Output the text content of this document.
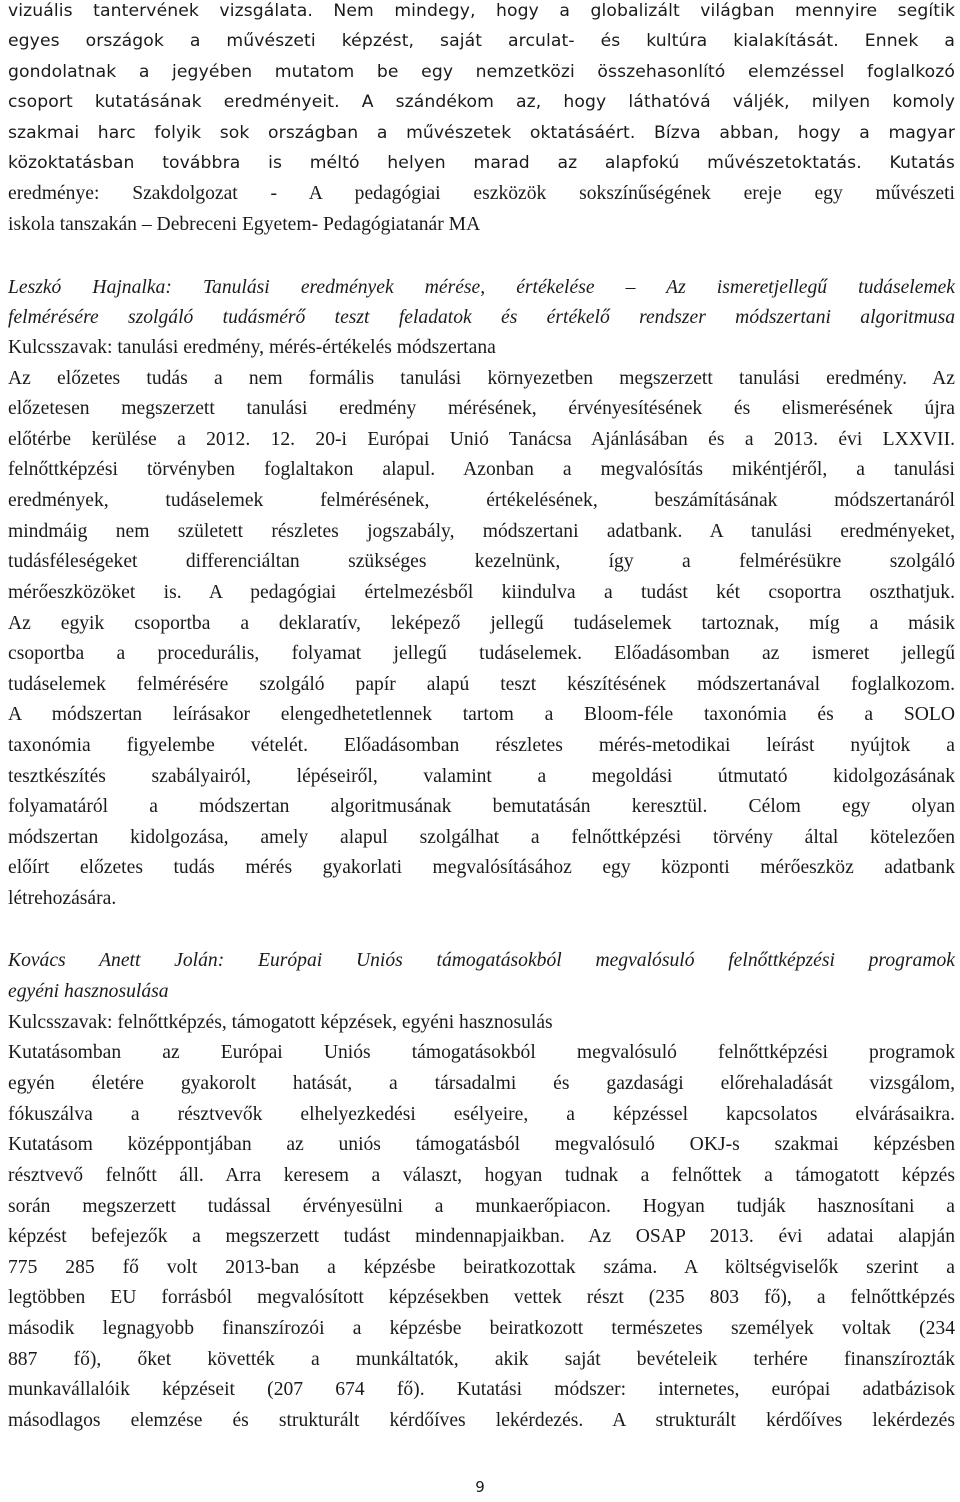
vizuális tantervének vizsgálata. Nem mindegy, hogy a globalizált világban mennyire segítik
egyes országok a művészeti képzést, saját arculat- és kultúra kialakítását. Ennek a
gondolatnak a jegyében mutatom be egy nemzetközi összehasonlító elemzéssel foglalkozó
csoport kutatásának eredményeit. A szándékom az, hogy láthatóvá váljék, milyen komoly
szakmai harc folyik sok országban a művészetek oktatásáért. Bízva abban, hogy a magyar
közoktatásban továbbra is méltó helyen marad az alapfokú művészetoktatás. Kutatás
eredménye: Szakdolgozat - A pedagógiai eszközök sokszínűségének ereje egy művészeti
iskola tanszakán – Debreceni Egyetem- Pedagógiatanár MA
Leszkó Hajnalka: Tanulási eredmények mérése, értékelése – Az ismeretjellegű tudáselemek
felmérésére szolgáló tudásmérő teszt feladatok és értékelő rendszer módszertani algoritmusa
Kulcsszavak: tanulási eredmény, mérés-értékelés módszertana
Az előzetes tudás a nem formális tanulási környezetben megszerzett tanulási eredmény. Az
előzetesen megszerzett tanulási eredmény mérésének, érvényesítésének és elismerésének újra
előtérbe kerülése a 2012. 12. 20-i Európai Unió Tanácsa Ajánlásában és a 2013. évi LXXVII.
felnőttképzési törvényben foglaltakon alapul. Azonban a megvalósítás mikéntjéről, a tanulási
eredmények, tudáselemek felmérésének, értékelésének, beszámításának módszertanáról
mindmáig nem született részletes jogszabály, módszertani adatbank. A tanulási eredményeket,
tudásféleségeket differenciáltan szükséges kezelnünk, így a felmérésükre szolgáló
mérőeszközöket is. A pedagógiai értelmezésből kiindulva a tudást két csoportra oszthatjuk.
Az egyik csoportba a deklaratív, leképező jellegű tudáselemek tartoznak, míg a másik
csoportba a procedurális, folyamat jellegű tudáselemek. Előadásomban az ismeret jellegű
tudáselemek felmérésére szolgáló papír alapú teszt készítésének módszertanával foglalkozom.
A módszertan leírásakor elengedhetetlennek tartom a Bloom-féle taxonómia és a SOLO
taxonómia figyelembe vételét. Előadásomban részletes mérés-metodikai leírást nyújtok a
tesztkészítés szabályairól, lépéseiről, valamint a megoldási útmutató kidolgozásának
folyamatáról a módszertan algoritmusának bemutatásán keresztül. Célom egy olyan
módszertan kidolgozása, amely alapul szolgálhat a felnőttképzési törvény által kötelezően
előírt előzetes tudás mérés gyakorlati megvalósításához egy központi mérőeszköz adatbank
létrehozására.
Kovács Anett Jolán: Európai Uniós támogatásokból megvalósuló felnőttképzési programok
egyéni hasznosulása
Kulcsszavak: felnőttképzés, támogatott képzések, egyéni hasznosulás
Kutatásomban az Európai Uniós támogatásokból megvalósuló felnőttképzési programok
egyén életére gyakorolt hatását, a társadalmi és gazdasági előrehaladását vizsgálom,
fókuszálva a résztvevők elhelyezkedési esélyeire, a képzéssel kapcsolatos elvárásaikra.
Kutatásom középpontjában az uniós támogatásból megvalósuló OKJ-s szakmai képzésben
résztvevő felnőtt áll. Arra keresem a választ, hogyan tudnak a felnőttek a támogatott képzés
során megszerzett tudással érvényesülni a munkaerőpiacon. Hogyan tudják hasznosítani a
képzést befejezők a megszerzett tudást mindennapjaikban. Az OSAP 2013. évi adatai alapján
775 285 fő volt 2013-ban a képzésbe beiratkozottak száma. A költségviselők szerint a
legtöbben EU forrásból megvalósított képzésekben vettek részt (235 803 fő), a felnőttképzés
második legnagyobb finanszírozói a képzésbe beiratkozott természetes személyek voltak (234
887 fő), őket követték a munkáltatók, akik saját bevételeik terhére finanszírozták
munkavállalóik képzéseit (207 674 fő). Kutatási módszer: internetes, európai adatbázisok
másodlagos elemzése és strukturált kérdőíves lekérdezés. A strukturált kérdőíves lekérdezés
9
